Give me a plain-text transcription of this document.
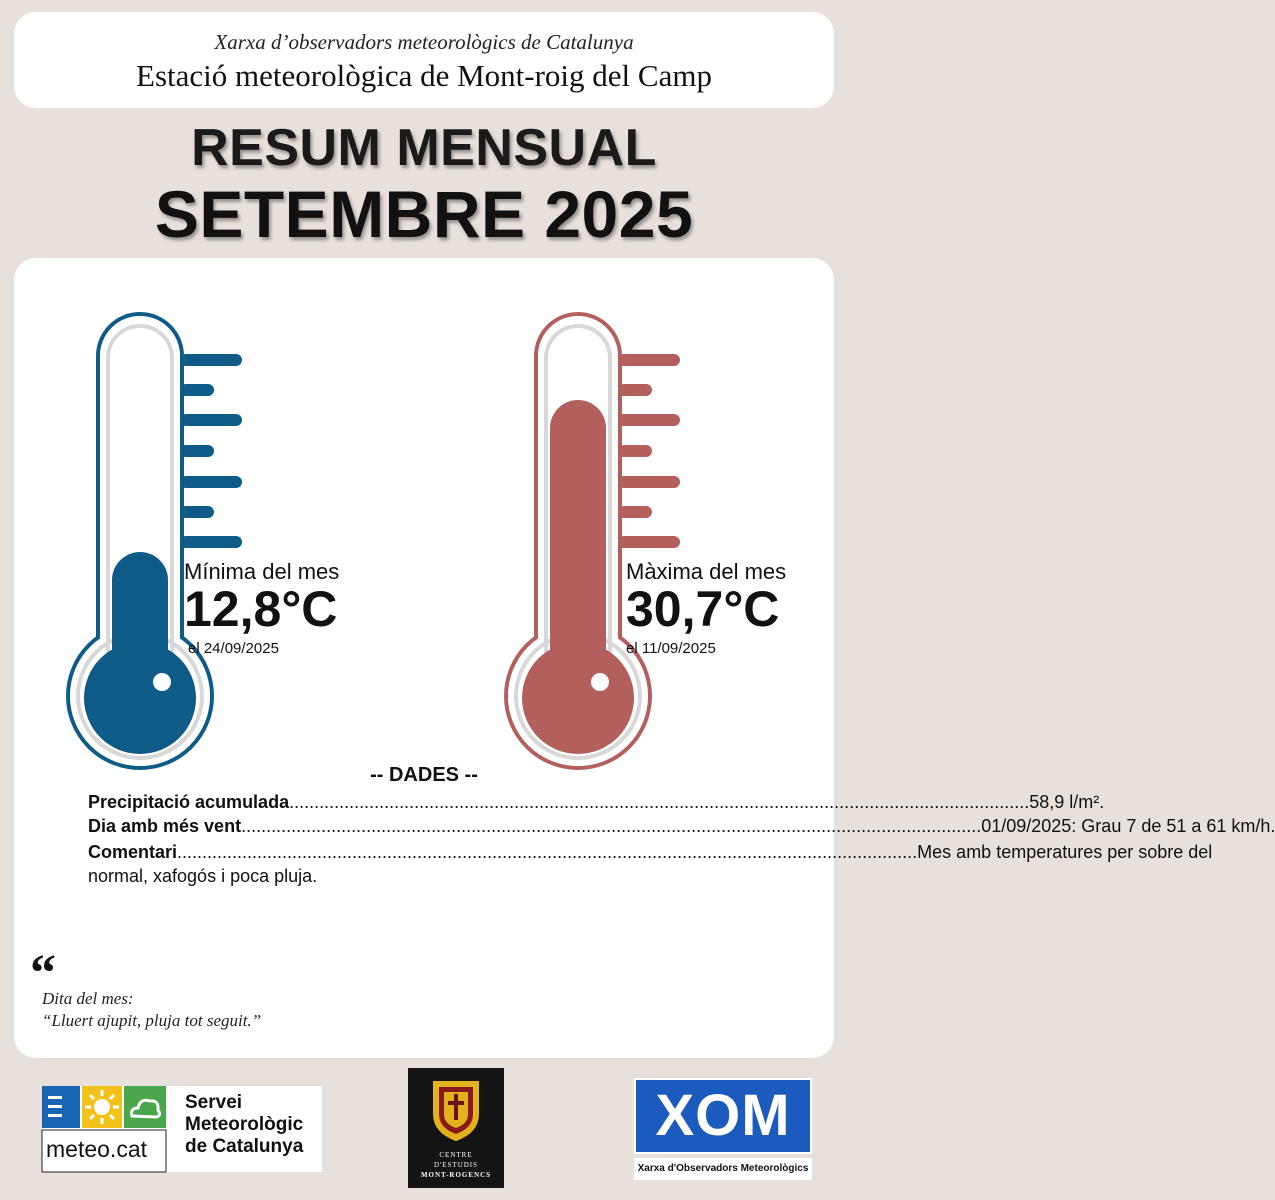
Xarxa d’observadors meteorològics de Catalunya
Estació meteorològica de Mont-roig del Camp
RESUM MENSUAL
SETEMBRE 2025
Mínima del mes
12,8°C
el 24/09/2025
Màxima del mes
30,7°C
el 11/09/2025
-- DADES --
Precipitació acumulada .................................................................................................................................................... 58,9 l/m².
Dia amb més vent .................................................................................................................................................... 01/09/2025: Grau 7 de 51 a 61 km/h.
Comentari .................................................................................................................................................... Mes amb temperatures per sobre del
normal, xafogós i poca pluja.
“
Dita del mes:
“Lluert ajupit, pluja tot seguit.”
meteo.cat
Servei
Meteorològic
de Catalunya	CENTRE
D'ESTUDIS
MONT-ROGENCS
XOM
Xarxa d'Observadors Meteorològics
